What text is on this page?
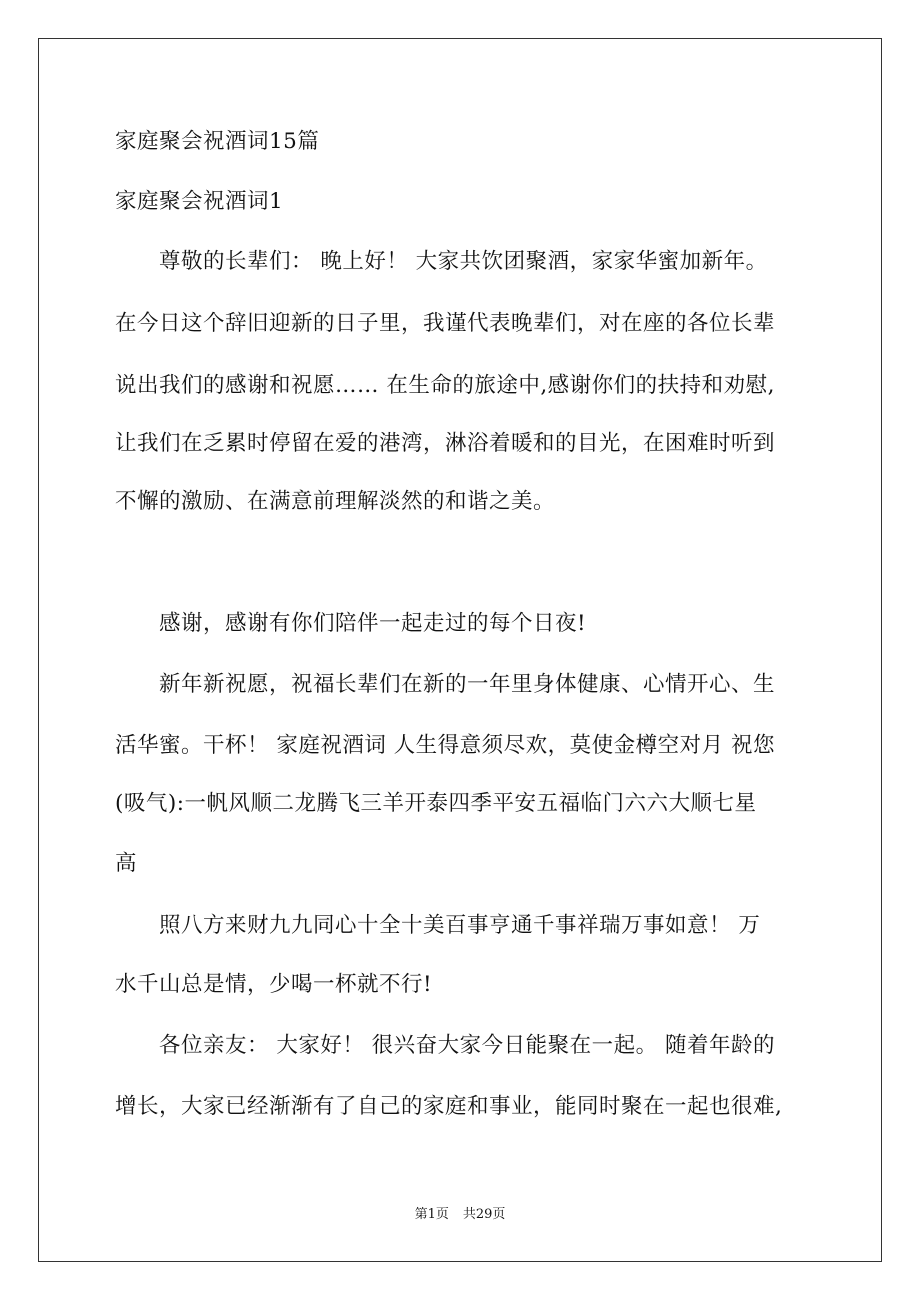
家庭聚会祝酒词15篇
家庭聚会祝酒词1
尊敬的长辈们： 晚上好！ 大家共饮团聚酒，家家华蜜加新年。
在今日这个辞旧迎新的日子里，我谨代表晚辈们，对在座的各位长辈
说出我们的感谢和祝愿…… 在生命的旅途中,感谢你们的扶持和劝慰,
让我们在乏累时停留在爱的港湾，淋浴着暖和的目光，在困难时听到
不懈的激励、在满意前理解淡然的和谐之美。
感谢，感谢有你们陪伴一起走过的每个日夜!
新年新祝愿，祝福长辈们在新的一年里身体健康、心情开心、生
活华蜜。干杯！ 家庭祝酒词 人生得意须尽欢，莫使金樽空对月 祝您
(吸气):一帆风顺二龙腾飞三羊开泰四季平安五福临门六六大顺七星
高
照八方来财九九同心十全十美百事亨通千事祥瑞万事如意！ 万
水千山总是情，少喝一杯就不行!
各位亲友： 大家好！ 很兴奋大家今日能聚在一起。 随着年龄的
增长，大家已经渐渐有了自己的家庭和事业，能同时聚在一起也很难,
第1页 共29页
